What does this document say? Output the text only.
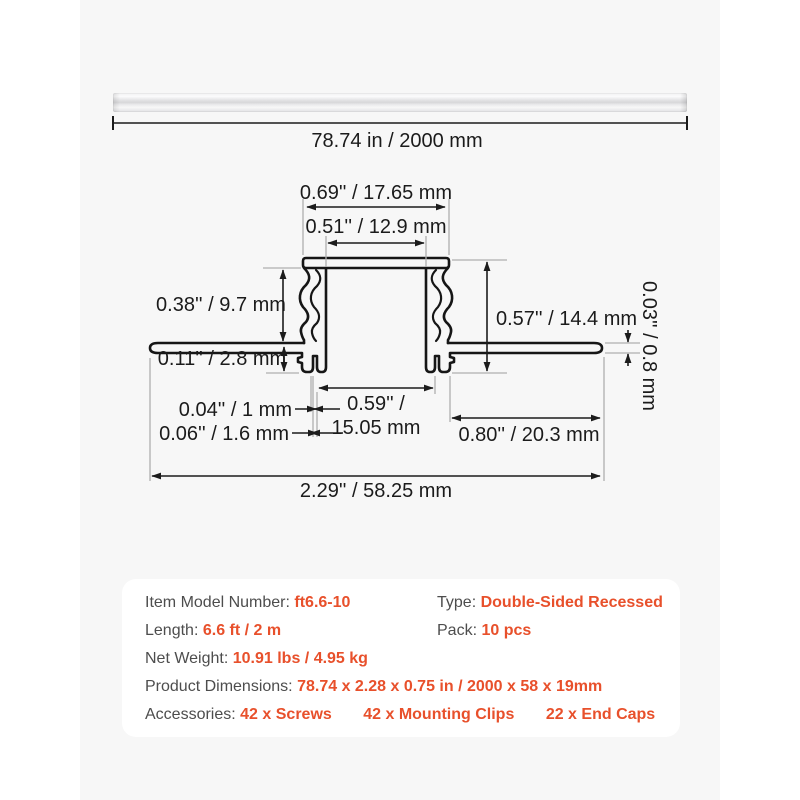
78.74 in / 2000 mm
0.69'' / 17.65 mm
0.51'' / 12.9 mm
0.38'' / 9.7 mm
0.57'' / 14.4 mm 0.03'' / 0.8 mm
0.11'' / 2.8 mm
0.04'' / 1 mm
0.06'' / 1.6 mm
0.59'' /
15.05 mm 0.80'' / 20.3 mm
2.29'' / 58.25 mm
Item Model Number: ft6.6-10
Length: 6.6 ft / 2 m
Net Weight: 10.91 lbs / 4.95 kg
Product Dimensions: 78.74 x 2.28 x 0.75 in / 2000 x 58 x 19mm
Accessories: 42 x Screws 42 x Mounting Clips 22 x End Caps
Type: Double-Sided Recessed
Pack: 10 pcs
